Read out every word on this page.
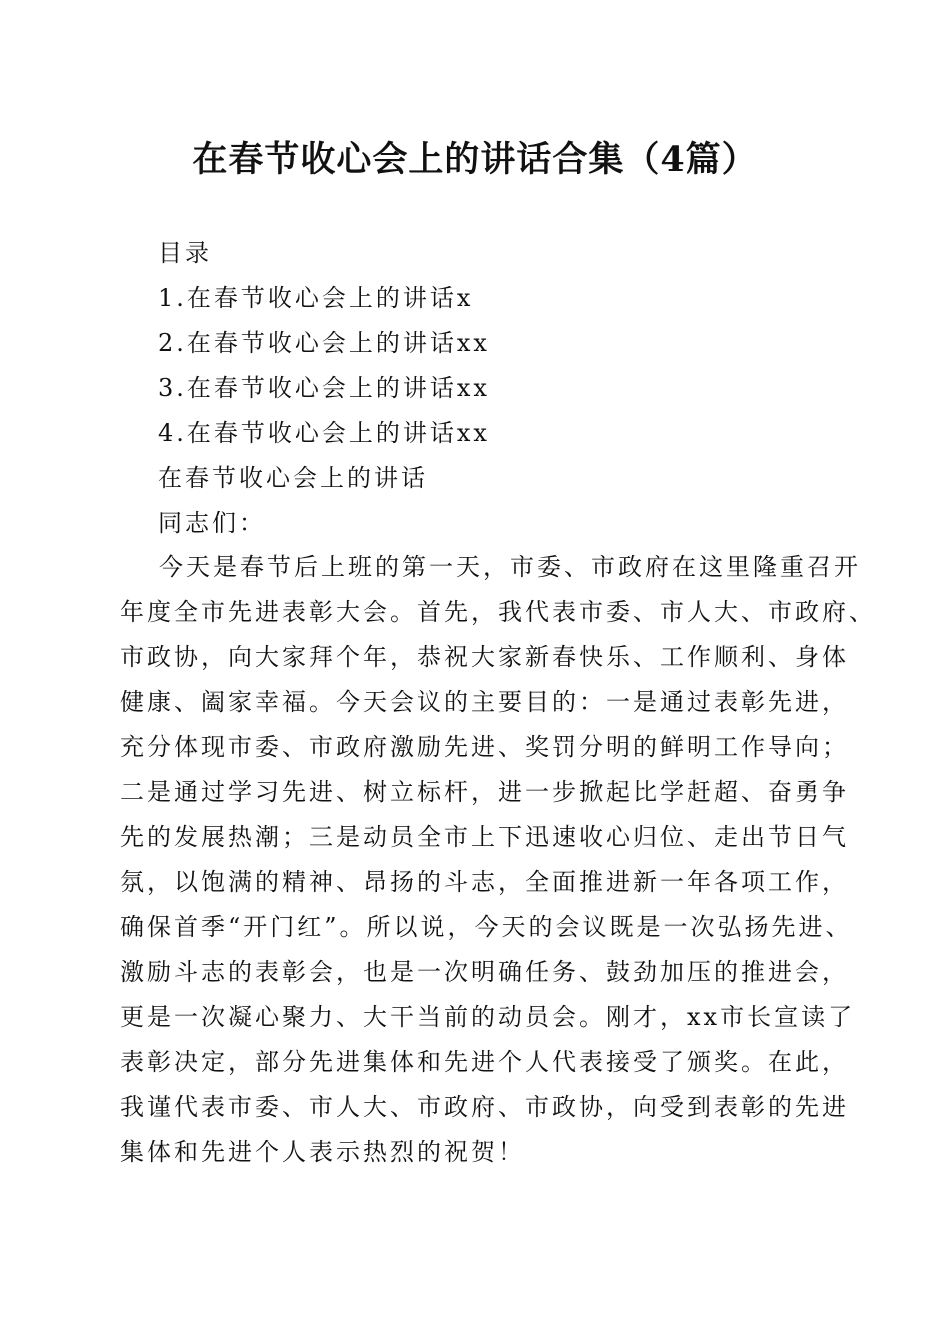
在春节收心会上的讲话合集（4篇）
目录
1.在春节收心会上的讲话x
2.在春节收心会上的讲话xx
3.在春节收心会上的讲话xx
4.在春节收心会上的讲话xx
在春节收心会上的讲话
同志们：
　今天是春节后上班的第一天，市委、市政府在这里隆重召开
年度全市先进表彰大会。首先，我代表市委、市人大、市政府、
市政协，向大家拜个年，恭祝大家新春快乐、工作顺利、身体
健康、阖家幸福。今天会议的主要目的：一是通过表彰先进，
充分体现市委、市政府激励先进、奖罚分明的鲜明工作导向；
二是通过学习先进、树立标杆，进一步掀起比学赶超、奋勇争
先的发展热潮；三是动员全市上下迅速收心归位、走出节日气
氛，以饱满的精神、昂扬的斗志，全面推进新一年各项工作，
确保首季“开门红”。所以说，今天的会议既是一次弘扬先进、
激励斗志的表彰会，也是一次明确任务、鼓劲加压的推进会，
更是一次凝心聚力、大干当前的动员会。刚才，xx市长宣读了
表彰决定，部分先进集体和先进个人代表接受了颁奖。在此，
我谨代表市委、市人大、市政府、市政协，向受到表彰的先进
集体和先进个人表示热烈的祝贺！
